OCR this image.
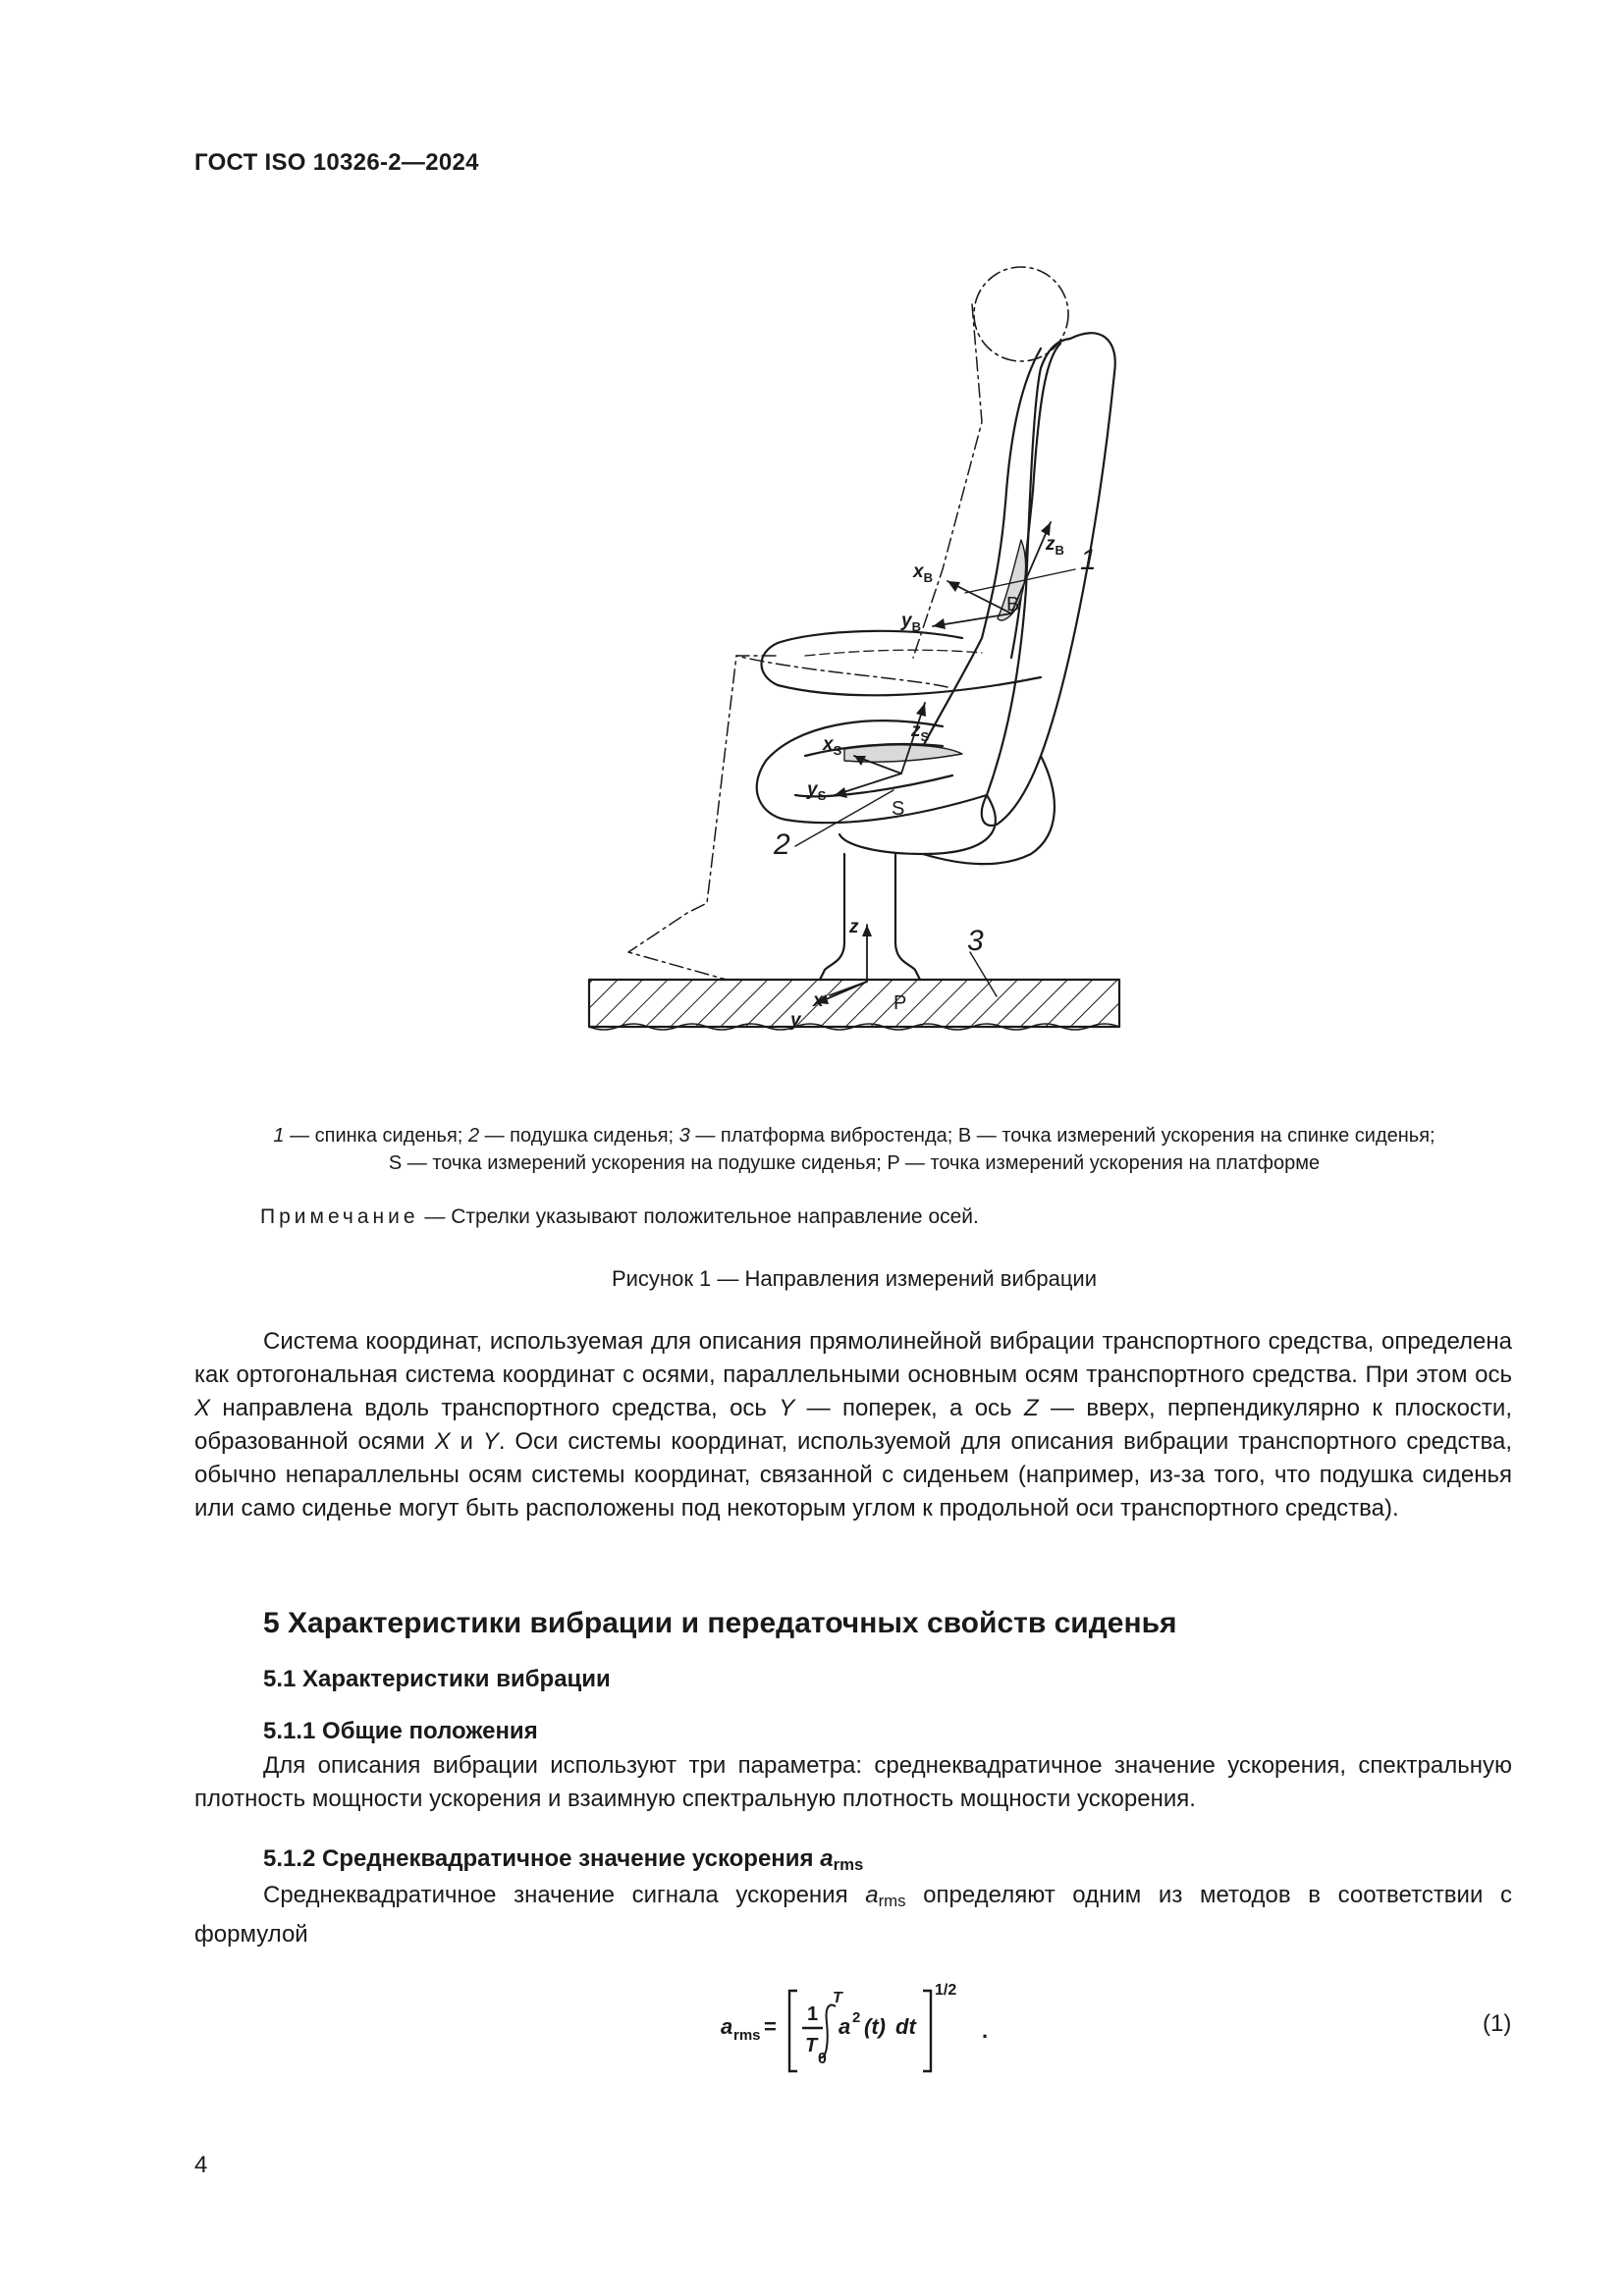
ГОСТ ISO 10326-2—2024
1
2
3
$x_B$
$y_B$
$z_B$
$x_S$
$y_S$
$z_S$
B
S
P
z
x
y
1 — спинка сиденья; 2 — подушка сиденья; 3 — платформа вибростенда; B — точка измерений ускорения на спинке сиденья;
S — точка измерений ускорения на подушке сиденья; P — точка измерений ускорения на платформе
Примечание — Стрелки указывают положительное направление осей.
Рисунок 1 — Направления измерений вибрации
Система координат, используемая для описания прямолинейной вибрации транспортного средства, определена как ортогональная система координат с осями, параллельными основным осям транспортного средства. При этом ось X направлена вдоль транспортного средства, ось Y — поперек, а ось Z — вверх, перпендикулярно к плоскости, образованной осями X и Y. Оси системы координат, используемой для описания вибрации транспортного средства, обычно непараллельны осям системы координат, связанной с сиденьем (например, из-за того, что подушка сиденья или само сиденье могут быть расположены под некоторым углом к продольной оси транспортного средства).
5 Характеристики вибрации и передаточных свойств сиденья
5.1 Характеристики вибрации
5.1.1 Общие положения
Для описания вибрации используют три параметра: среднеквадратичное значение ускорения, спектральную плотность мощности ускорения и взаимную спектральную плотность мощности ускорения.
5.1.2 Среднеквадратичное значение ускорения $a_{rms}$
Среднеквадратичное значение сигнала ускорения $a_{rms}$ определяют одним из методов в соответствии с формулой
a rms = 1
T
T
0
a 2 (t) dt
1/2
.	(1)
4
